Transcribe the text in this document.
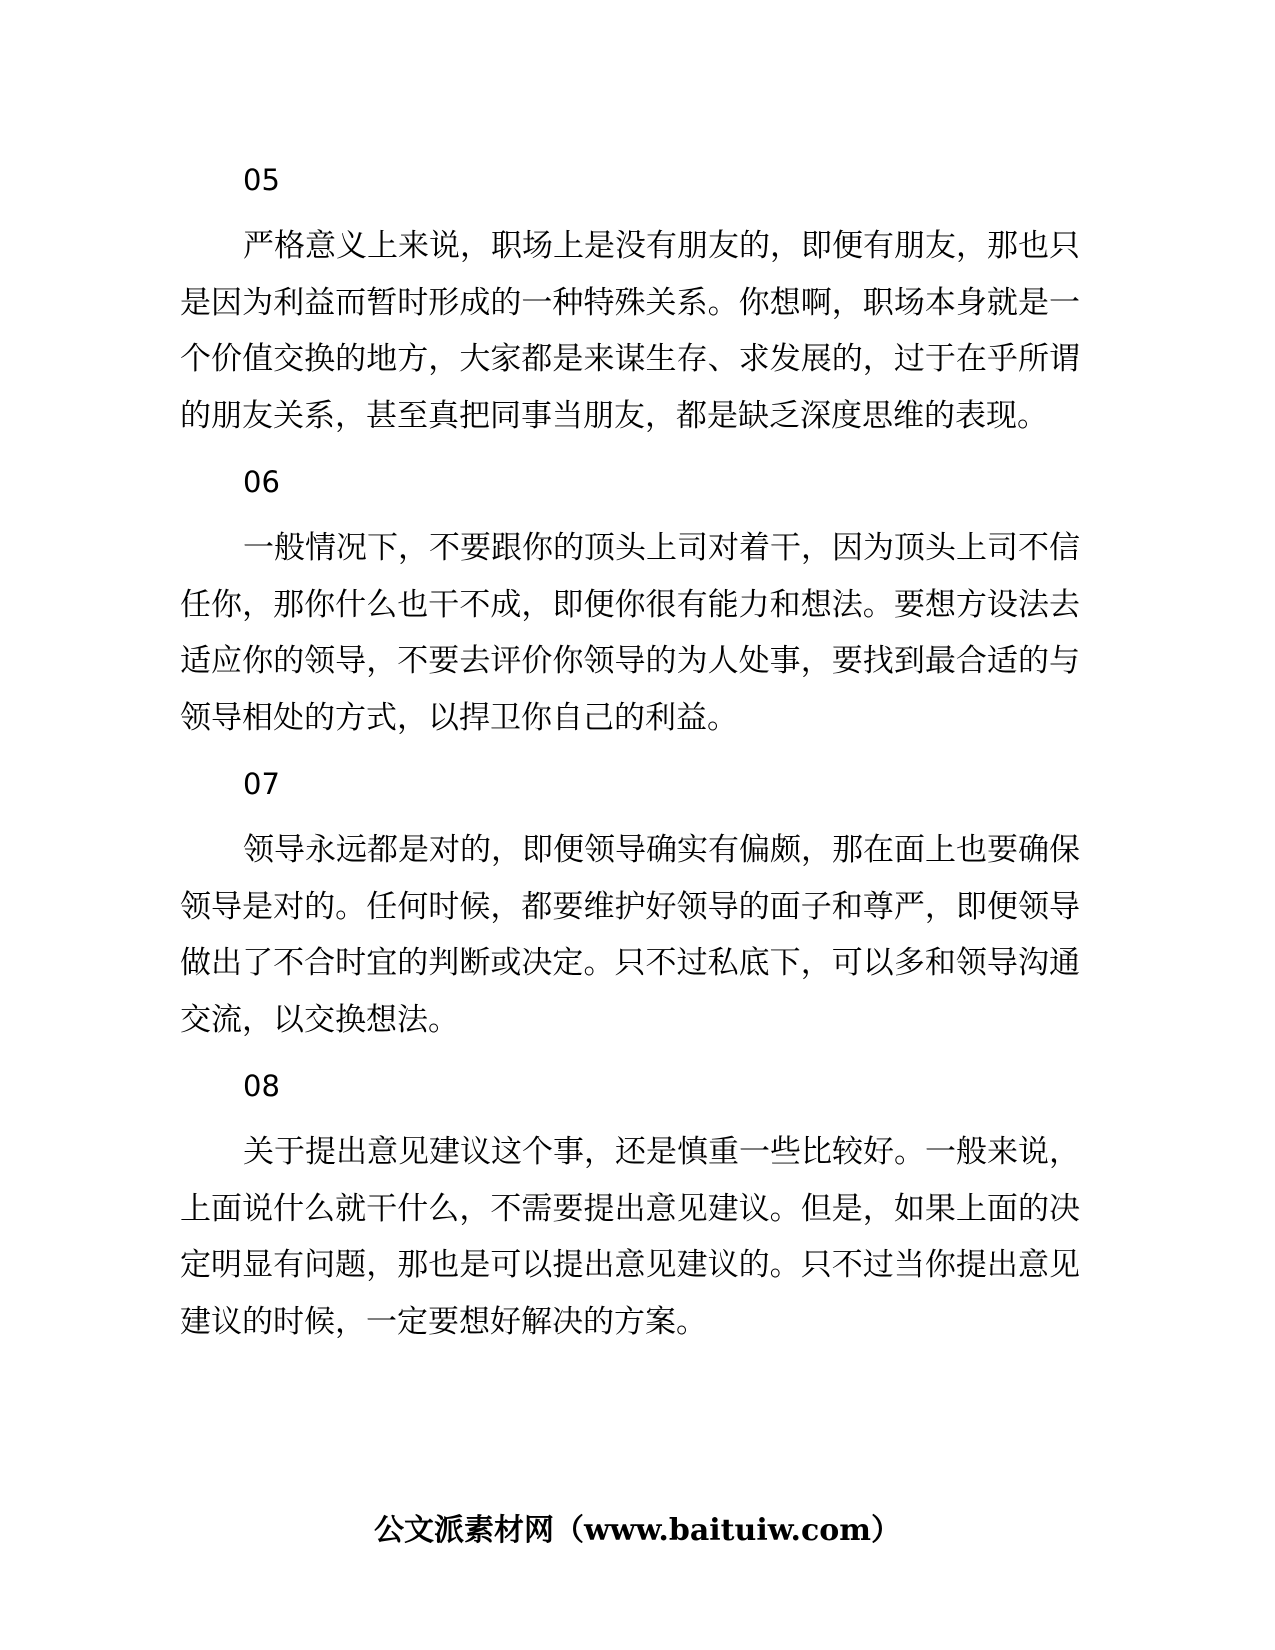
05

严格意义上来说，职场上是没有朋友的，即便有朋友，那也只是因为利益而暂时形成的一种特殊关系。你想啊，职场本身就是一个价值交换的地方，大家都是来谋生存、求发展的，过于在乎所谓的朋友关系，甚至真把同事当朋友，都是缺乏深度思维的表现。

06

一般情况下，不要跟你的顶头上司对着干，因为顶头上司不信任你，那你什么也干不成，即便你很有能力和想法。要想方设法去适应你的领导，不要去评价你领导的为人处事，要找到最合适的与领导相处的方式，以捍卫你自己的利益。

07

领导永远都是对的，即便领导确实有偏颇，那在面上也要确保领导是对的。任何时候，都要维护好领导的面子和尊严，即便领导做出了不合时宜的判断或决定。只不过私底下，可以多和领导沟通交流，以交换想法。

08

关于提出意见建议这个事，还是慎重一些比较好。一般来说，上面说什么就干什么，不需要提出意见建议。但是，如果上面的决定明显有问题，那也是可以提出意见建议的。只不过当你提出意见建议的时候，一定要想好解决的方案。

公文派素材网（www.baituiw.com）
